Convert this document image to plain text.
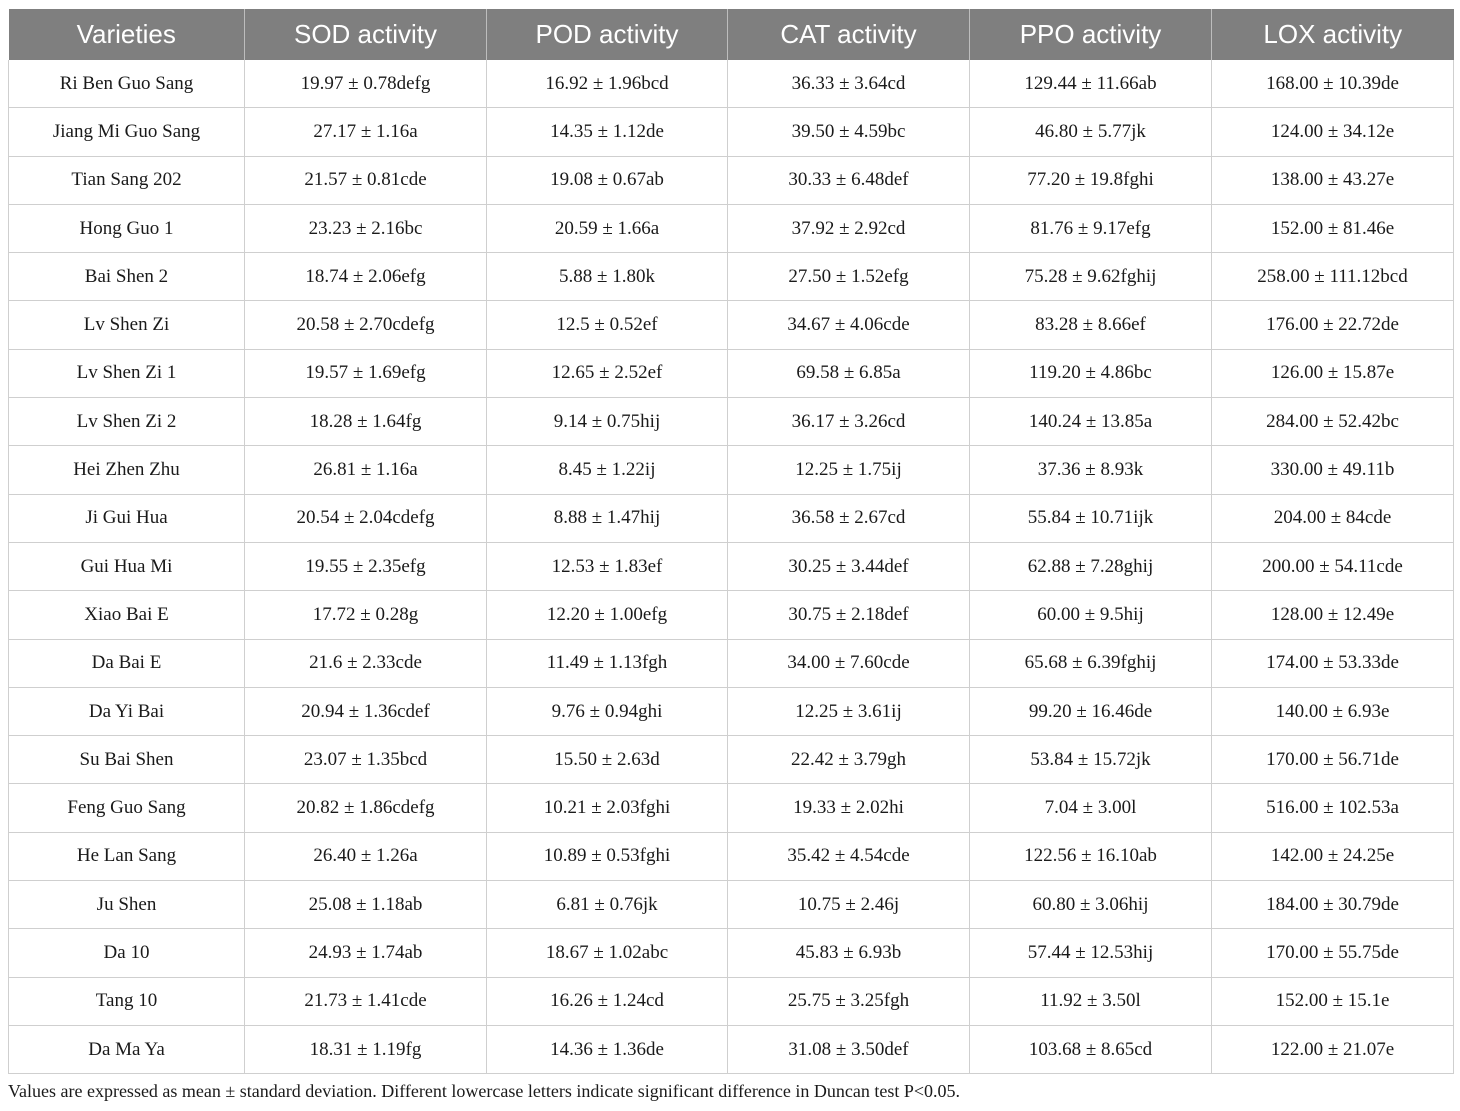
Varieties	SOD activity	POD activity	CAT activity	PPO activity	LOX activity
Ri Ben Guo Sang	19.97 ± 0.78defg	16.92 ± 1.96bcd	36.33 ± 3.64cd	129.44 ± 11.66ab	168.00 ± 10.39de
Jiang Mi Guo Sang	27.17 ± 1.16a	14.35 ± 1.12de	39.50 ± 4.59bc	46.80 ± 5.77jk	124.00 ± 34.12e
Tian Sang 202	21.57 ± 0.81cde	19.08 ± 0.67ab	30.33 ± 6.48def	77.20 ± 19.8fghi	138.00 ± 43.27e
Hong Guo 1	23.23 ± 2.16bc	20.59 ± 1.66a	37.92 ± 2.92cd	81.76 ± 9.17efg	152.00 ± 81.46e
Bai Shen 2	18.74 ± 2.06efg	5.88 ± 1.80k	27.50 ± 1.52efg	75.28 ± 9.62fghij	258.00 ± 111.12bcd
Lv Shen Zi	20.58 ± 2.70cdefg	12.5 ± 0.52ef	34.67 ± 4.06cde	83.28 ± 8.66ef	176.00 ± 22.72de
Lv Shen Zi 1	19.57 ± 1.69efg	12.65 ± 2.52ef	69.58 ± 6.85a	119.20 ± 4.86bc	126.00 ± 15.87e
Lv Shen Zi 2	18.28 ± 1.64fg	9.14 ± 0.75hij	36.17 ± 3.26cd	140.24 ± 13.85a	284.00 ± 52.42bc
Hei Zhen Zhu	26.81 ± 1.16a	8.45 ± 1.22ij	12.25 ± 1.75ij	37.36 ± 8.93k	330.00 ± 49.11b
Ji Gui Hua	20.54 ± 2.04cdefg	8.88 ± 1.47hij	36.58 ± 2.67cd	55.84 ± 10.71ijk	204.00 ± 84cde
Gui Hua Mi	19.55 ± 2.35efg	12.53 ± 1.83ef	30.25 ± 3.44def	62.88 ± 7.28ghij	200.00 ± 54.11cde
Xiao Bai E	17.72 ± 0.28g	12.20 ± 1.00efg	30.75 ± 2.18def	60.00 ± 9.5hij	128.00 ± 12.49e
Da Bai E	21.6 ± 2.33cde	11.49 ± 1.13fgh	34.00 ± 7.60cde	65.68 ± 6.39fghij	174.00 ± 53.33de
Da Yi Bai	20.94 ± 1.36cdef	9.76 ± 0.94ghi	12.25 ± 3.61ij	99.20 ± 16.46de	140.00 ± 6.93e
Su Bai Shen	23.07 ± 1.35bcd	15.50 ± 2.63d	22.42 ± 3.79gh	53.84 ± 15.72jk	170.00 ± 56.71de
Feng Guo Sang	20.82 ± 1.86cdefg	10.21 ± 2.03fghi	19.33 ± 2.02hi	7.04 ± 3.00l	516.00 ± 102.53a
He Lan Sang	26.40 ± 1.26a	10.89 ± 0.53fghi	35.42 ± 4.54cde	122.56 ± 16.10ab	142.00 ± 24.25e
Ju Shen	25.08 ± 1.18ab	6.81 ± 0.76jk	10.75 ± 2.46j	60.80 ± 3.06hij	184.00 ± 30.79de
Da 10	24.93 ± 1.74ab	18.67 ± 1.02abc	45.83 ± 6.93b	57.44 ± 12.53hij	170.00 ± 55.75de
Tang 10	21.73 ± 1.41cde	16.26 ± 1.24cd	25.75 ± 3.25fgh	11.92 ± 3.50l	152.00 ± 15.1e
Da Ma Ya	18.31 ± 1.19fg	14.36 ± 1.36de	31.08 ± 3.50def	103.68 ± 8.65cd	122.00 ± 21.07e
Values are expressed as mean ± standard deviation. Different lowercase letters indicate significant difference in Duncan test P<0.05.
